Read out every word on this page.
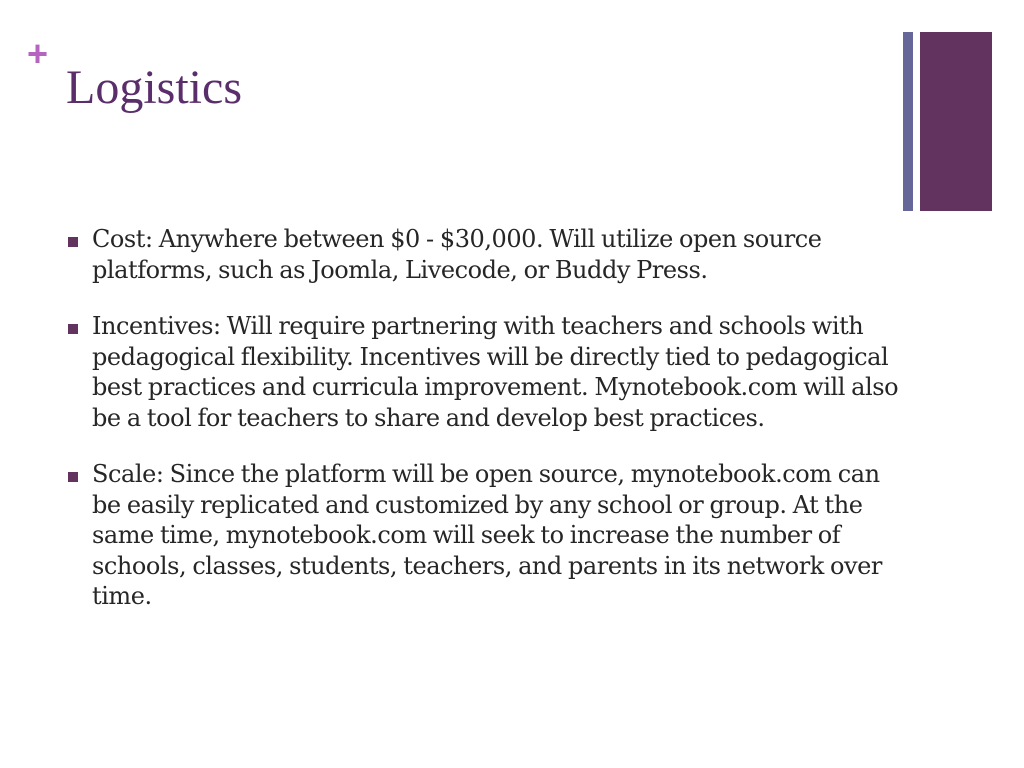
+
Logistics
Cost: Anywhere between $0 - $30,000. Will utilize open source platforms, such as Joomla, Livecode, or Buddy Press.
Incentives: Will require partnering with teachers and schools with pedagogical flexibility. Incentives will be directly tied to pedagogical best practices and curricula improvement. Mynotebook.com will also be a tool for teachers to share and develop best practices.
Scale: Since the platform will be open source, mynotebook.com can be easily replicated and customized by any school or group. At the same time, mynotebook.com will seek to increase the number of schools, classes, students, teachers, and parents in its network over time.
